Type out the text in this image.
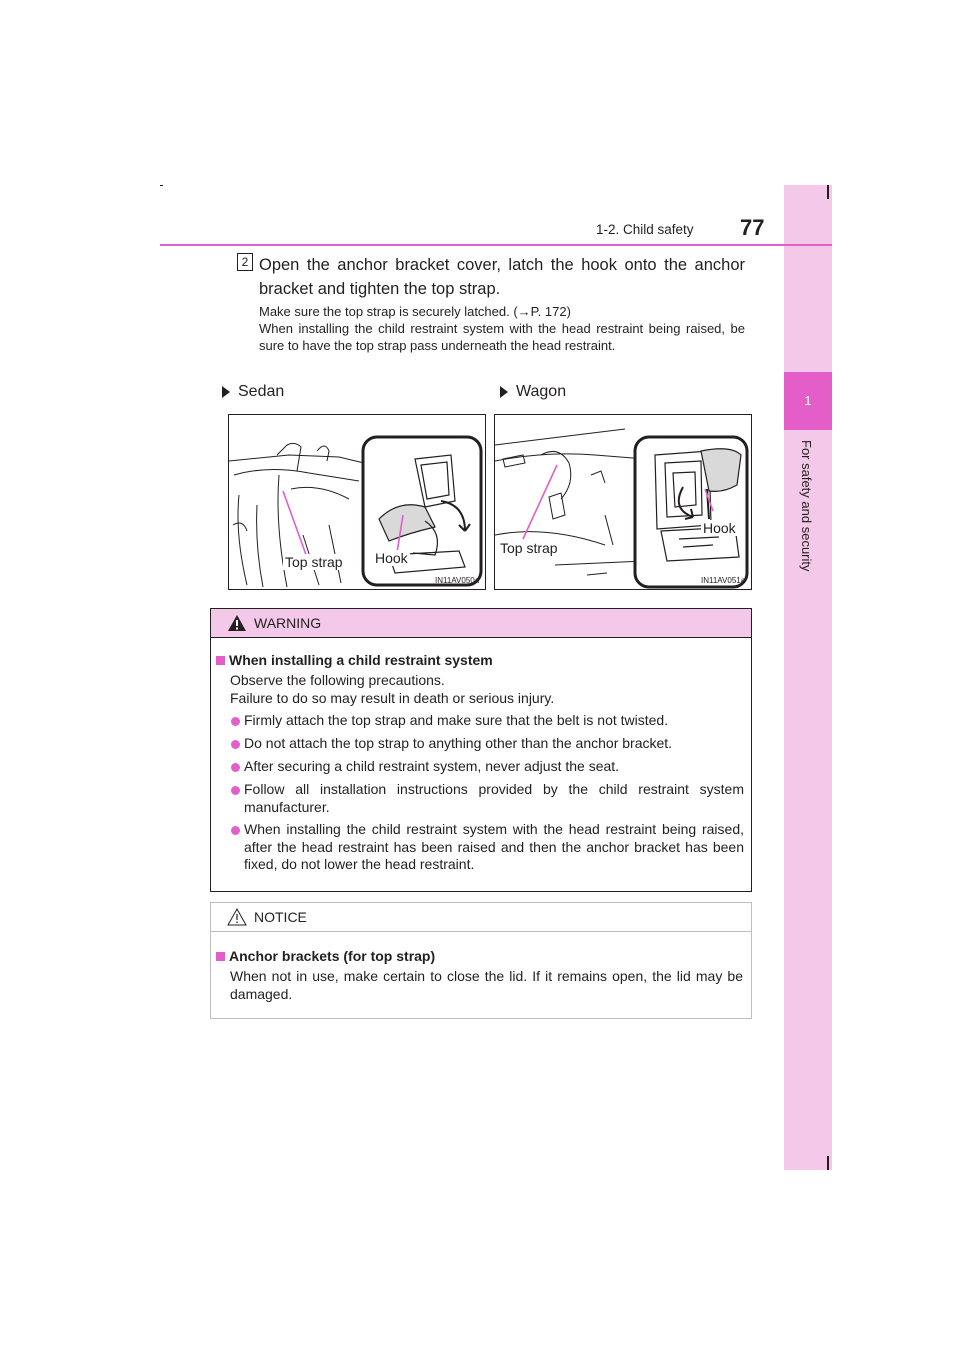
1
For safety and security
1-2. Child safety 77
2 Open the anchor bracket cover, latch the hook onto the anchor bracket and tighten the top strap.
Make sure the top strap is securely latched. (→P. 172)
When installing the child restraint system with the head restraint being raised, be sure to have the top strap pass underneath the head restraint.
Sedan	Wagon
Top strap Hook
IN11AV050a
Top strap
Hook
IN11AV051a
WARNING
When installing a child restraint system
Observe the following precautions.
Failure to do so may result in death or serious injury.
Firmly attach the top strap and make sure that the belt is not twisted.
Do not attach the top strap to anything other than the anchor bracket.
After securing a child restraint system, never adjust the seat.
Follow all installation instructions provided by the child restraint system manufacturer.
When installing the child restraint system with the head restraint being raised, after the head restraint has been raised and then the anchor bracket has been fixed, do not lower the head restraint.
NOTICE
Anchor brackets (for top strap)
When not in use, make certain to close the lid. If it remains open, the lid may be damaged.
